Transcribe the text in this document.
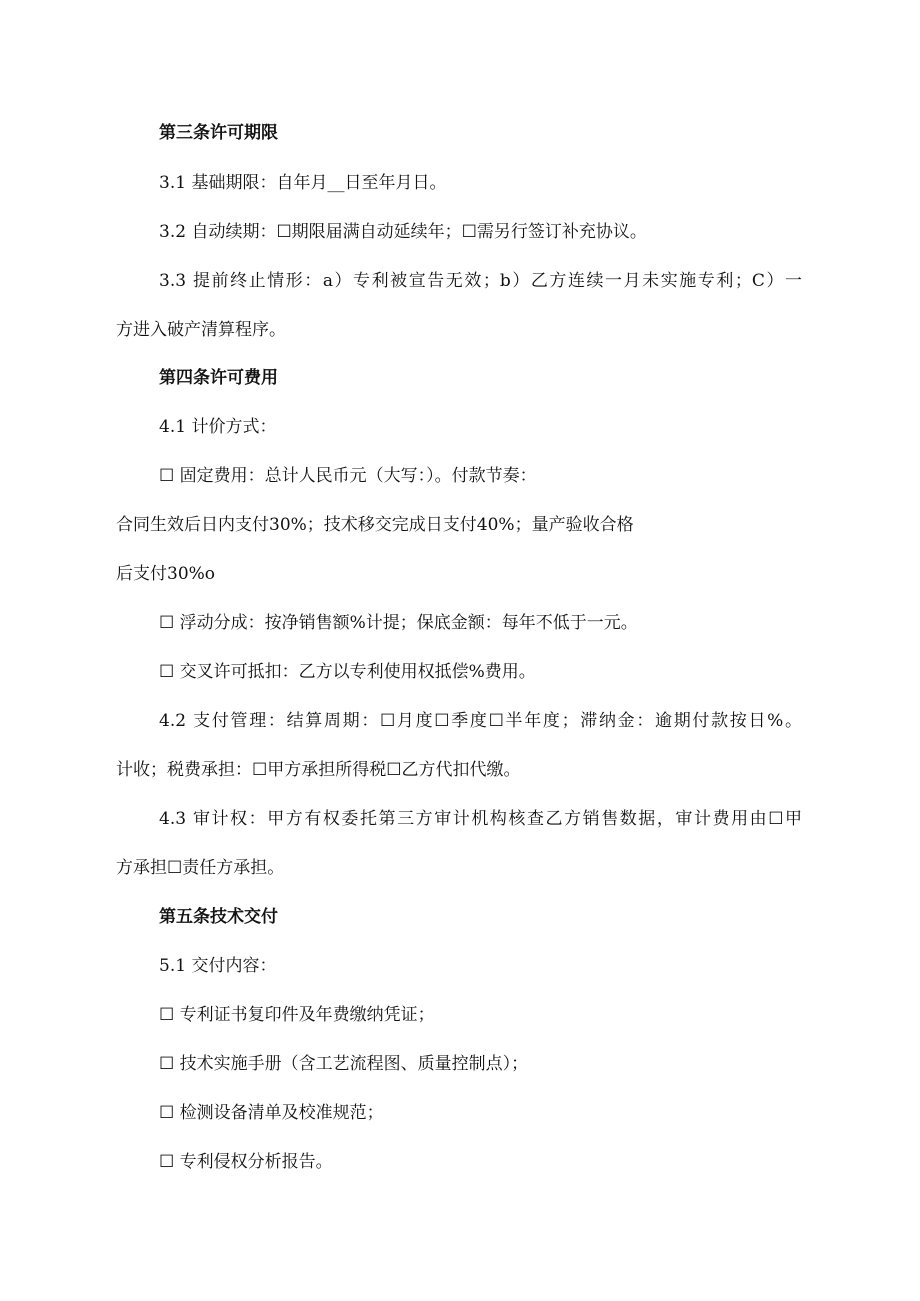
第三条许可期限
3.1 基础期限：自年月__日至年月日。
3.2 自动续期：☐期限届满自动延续年；☐需另行签订补充协议。
3.3 提前终止情形：a）专利被宣告无效；b）乙方连续一月未实施专利；C）一
方进入破产清算程序。
第四条许可费用
4.1 计价方式：
☐ 固定费用：总计人民币元（大写：）。付款节奏：
合同生效后日内支付30%；技术移交完成日支付40%；量产验收合格
后支付30%o
☐ 浮动分成：按净销售额%计提；保底金额：每年不低于一元。
☐ 交叉许可抵扣：乙方以专利使用权抵偿%费用。
4.2 支付管理：结算周期：☐月度☐季度☐半年度；滞纳金：逾期付款按日%。
计收；税费承担：☐甲方承担所得税☐乙方代扣代缴。
4.3 审计权：甲方有权委托第三方审计机构核查乙方销售数据，审计费用由☐甲
方承担☐责任方承担。
第五条技术交付
5.1 交付内容：
☐ 专利证书复印件及年费缴纳凭证；
☐ 技术实施手册（含工艺流程图、质量控制点）；
☐ 检测设备清单及校准规范；
☐ 专利侵权分析报告。
